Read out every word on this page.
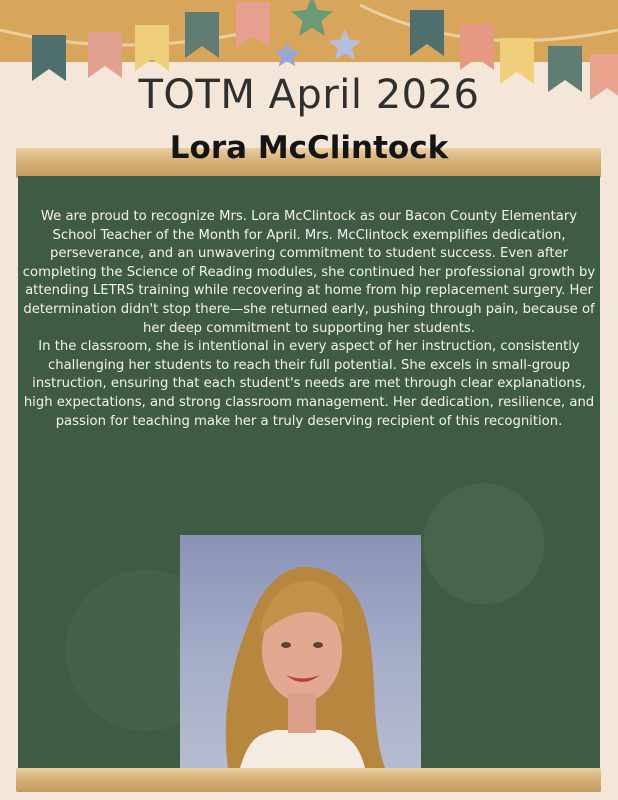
TOTM April 2026
Lora McClintock

We are proud to recognize Mrs. Lora McClintock as our Bacon County Elementary School Teacher of the Month for April. Mrs. McClintock exemplifies dedication, perseverance, and an unwavering commitment to student success. Even after completing the Science of Reading modules, she continued her professional growth by attending LETRS training while recovering at home from hip replacement surgery. Her determination didn't stop there—she returned early, pushing through pain, because of her deep commitment to supporting her students.

In the classroom, she is intentional in every aspect of her instruction, consistently challenging her students to reach their full potential. She excels in small-group instruction, ensuring that each student's needs are met through clear explanations, high expectations, and strong classroom management. Her dedication, resilience, and passion for teaching make her a truly deserving recipient of this recognition.
